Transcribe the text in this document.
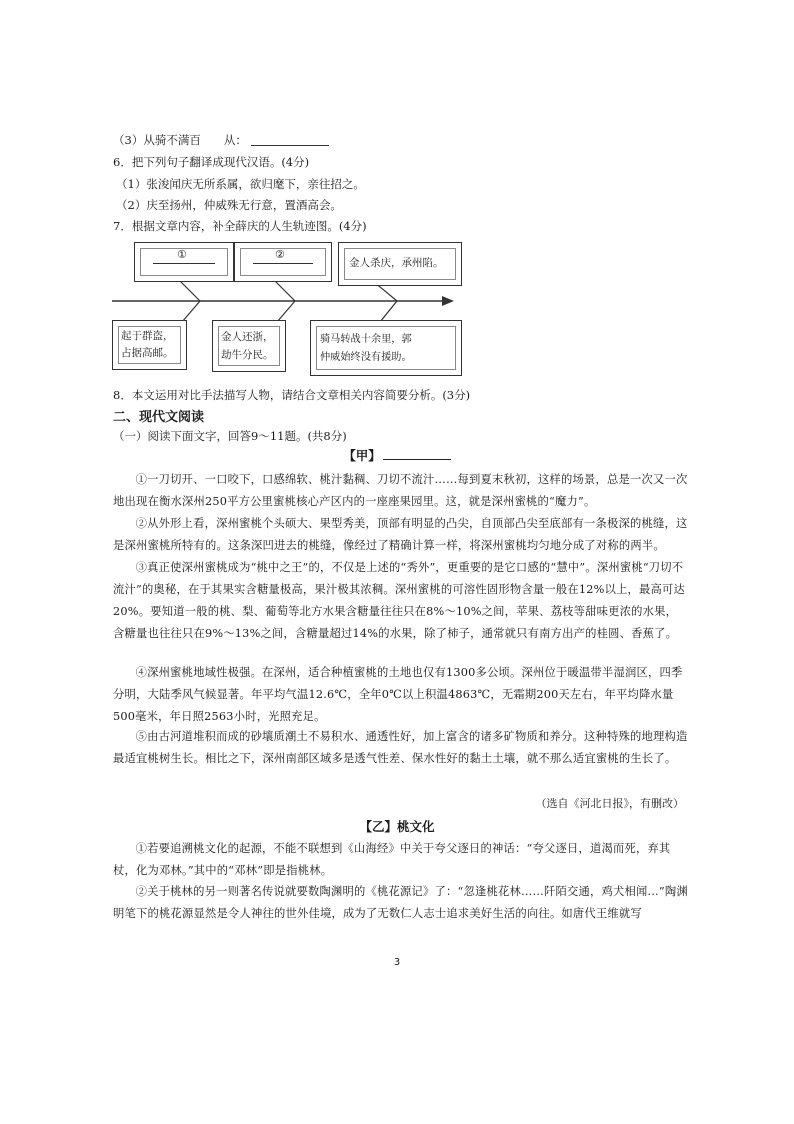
（3）从骑不满百　　从：
6．把下列句子翻译成现代汉语。(4分)
（1）张浚闻庆无所系属，欲归麾下，亲往招之。
（2）庆至扬州，仲威殊无行意，置酒高会。
7．根据文章内容，补全薛庆的人生轨迹图。(4分)
①	②
金人杀庆，承州陷。
起于群盗，
占据高邮。
金人还浙，
劫牛分民。
骑马转战十余里，郭
仲威始终没有援助。
8．本文运用对比手法描写人物，请结合文章相关内容简要分析。(3分)
二、现代文阅读
（一）阅读下面文字，回答9～11题。(共8分)
【甲】
①一刀切开、一口咬下，口感绵软、桃汁黏稠、刀切不流汁……每到夏末秋初，这样的场景，总是一次又一次地出现在衡水深州250平方公里蜜桃核心产区内的一座座果园里。这，就是深州蜜桃的“魔力”。
②从外形上看，深州蜜桃个头硕大、果型秀美，顶部有明显的凸尖，自顶部凸尖至底部有一条极深的桃缝，这是深州蜜桃所特有的。这条深凹进去的桃缝，像经过了精确计算一样，将深州蜜桃均匀地分成了对称的两半。
③真正使深州蜜桃成为“桃中之王”的，不仅是上述的“秀外”，更重要的是它口感的“慧中”。深州蜜桃“刀切不流汁”的奥秘，在于其果实含糖量极高，果汁极其浓稠。深州蜜桃的可溶性固形物含量一般在12%以上，最高可达20%。要知道一般的桃、梨、葡萄等北方水果含糖量往往只在8%～10%之间，苹果、荔枝等甜味更浓的水果，含糖量也往往只在9%～13%之间，含糖量超过14%的水果，除了柿子，通常就只有南方出产的桂圆、香蕉了。
④深州蜜桃地域性极强。在深州，适合种植蜜桃的土地也仅有1300多公顷。深州位于暖温带半湿润区，四季分明，大陆季风气候显著。年平均气温12.6℃，全年0℃以上积温4863℃，无霜期200天左右，年平均降水量500毫米，年日照2563小时，光照充足。
⑤由古河道堆积而成的砂壤质潮土不易积水、通透性好，加上富含的诸多矿物质和养分。这种特殊的地理构造最适宜桃树生长。相比之下，深州南部区域多是透气性差、保水性好的黏土土壤，就不那么适宜蜜桃的生长了。
（选自《河北日报》，有删改）
【乙】桃文化
①若要追溯桃文化的起源，不能不联想到《山海经》中关于夸父逐日的神话：“夸父逐日，道渴而死，弃其杖，化为邓林。”其中的“邓林”即是指桃林。
②关于桃林的另一则著名传说就要数陶渊明的《桃花源记》了：“忽逢桃花林……阡陌交通，鸡犬相闻…”陶渊明笔下的桃花源显然是令人神往的世外佳境，成为了无数仁人志士追求美好生活的向往。如唐代王维就写
3
